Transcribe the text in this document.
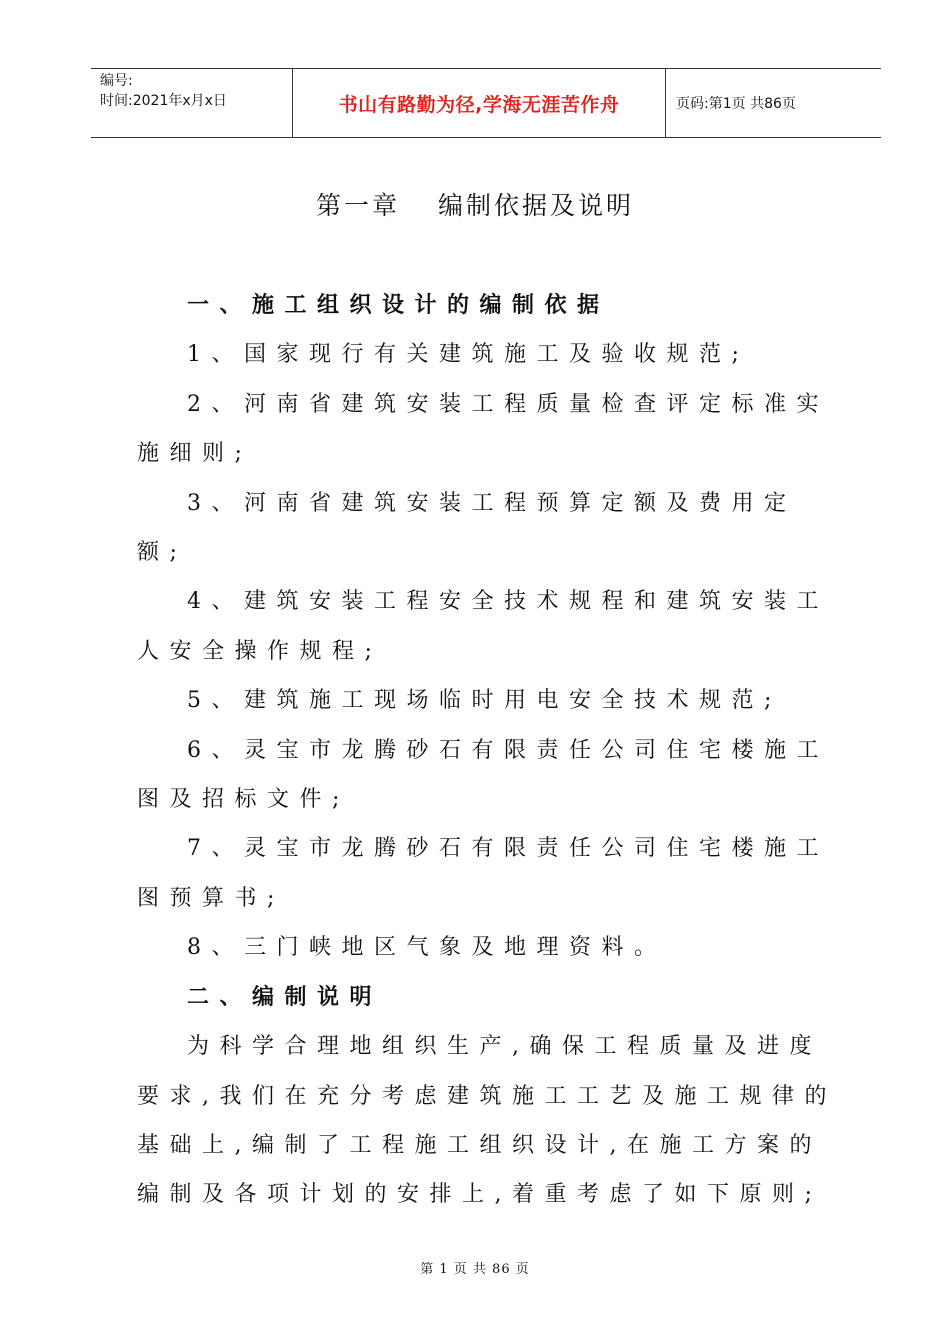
编号:
时间:2021年x月x日	书山有路勤为径,学海无涯苦作舟	页码:第1页 共86页
第一章 编制依据及说明

一、施工组织设计的编制依据

1、国家现行有关建筑施工及验收规范;

2、河南省建筑安装工程质量检查评定标准实施细则;

3、河南省建筑安装工程预算定额及费用定额;

4、建筑安装工程安全技术规程和建筑安装工人安全操作规程;

5、建筑施工现场临时用电安全技术规范;

6、灵宝市龙腾砂石有限责任公司住宅楼施工图及招标文件;

7、灵宝市龙腾砂石有限责任公司住宅楼施工图预算书;

8、三门峡地区气象及地理资料。

二、编制说明

为科学合理地组织生产,确保工程质量及进度要求,我们在充分考虑建筑施工工艺及施工规律的基础上,编制了工程施工组织设计,在施工方案的编制及各项计划的安排上,着重考虑了如下原则;

第 1 页 共 86 页
